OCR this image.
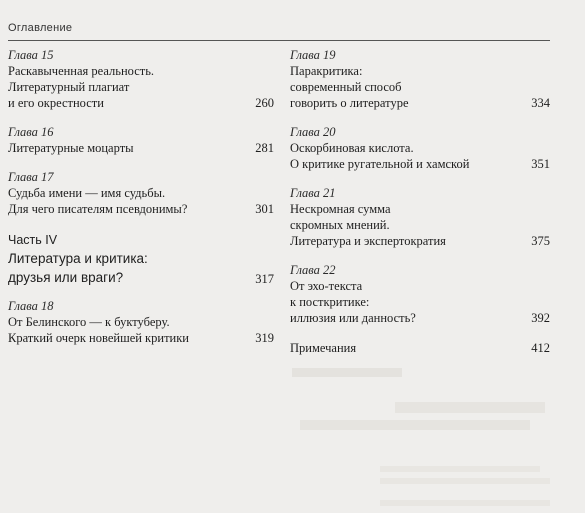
Оглавление
Глава 15
Раскавыченная реальность.
Литературный плагиат
и его окрестности	260
Глава 16
Литературные моцарты	281
Глава 17
Судьба имени — имя судьбы.
Для чего писателям псевдонимы?	301
Часть IV
Литература и критика:
друзья или враги?	317
Глава 18
От Белинского — к буктуберу.
Краткий очерк новейшей критики	319
Глава 19
Паракритика:
современный способ
говорить о литературе	334
Глава 20
Оскорбиновая кислота.
О критике ругательной и хамской	351
Глава 21
Нескромная сумма
скромных мнений.
Литература и экспертократия	375
Глава 22
От эхо-текста
к посткритике:
иллюзия или данность?	392
Примечания	412
